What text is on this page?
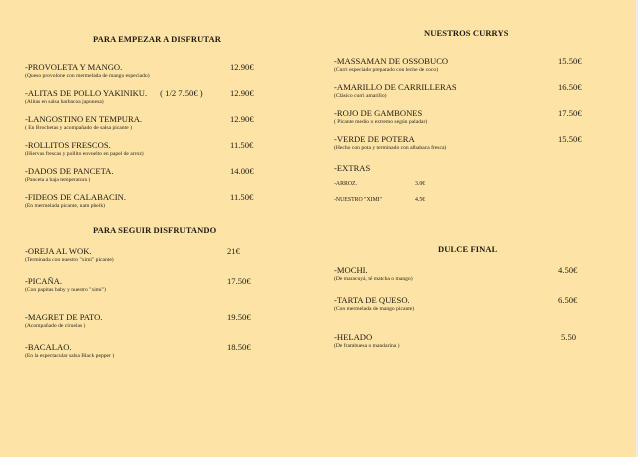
PARA EMPEZAR A DISFRUTAR
-PROVOLETA Y MANGO.
(Queso provolone con mermelada de mango especiado)
12.90€
-ALITAS DE POLLO YAKINIKU. ( 1/2 7.50€ )
(Alitas en salsa barbacoa japonesa)
12.90€
-LANGOSTINO EN TEMPURA.
( En Brochetas y acompañado de salsa picante )
12.90€
-ROLLITOS FRESCOS.
(Hiervas frescas y pollito envuelto en papel de arroz)
11.50€
-DADOS DE PANCETA.
(Panceta a baja temperatura )
14.00€
-FIDEOS DE CALABACIN.
(En mermelada picante, nam pheik)
11.50€
PARA SEGUIR DISFRUTANDO
-OREJA AL WOK.
(Terminada con nuestro "ximi" picante)
21€
-PICAÑA.
(Con papitas baby y nuestro "ximi")
17.50€
-MAGRET DE PATO.
(Acompañado de ciruelas )
19.50€
-BACALAO.
(En la espectacular salsa Black pepper )
18.50€
NUESTROS CURRYS
-MASSAMAN DE OSSOBUCO
(Curri especiado preparado con leche de coco)
15.50€
-AMARILLO DE CARRILLERAS
(Clásico curri amarillo)
16.50€
-ROJO DE GAMBONES
( Picante medio o extremo según paladar)
17.50€
-VERDE DE POTERA
(Hecho con pota y terminado con albahaca fresca)
15.50€
-EXTRAS
-ARROZ.	3.0€
-NUESTRO "XIMI"	4.5€
DULCE FINAL
-MOCHI.
(De maracuyá, té matcha o mango)
4.50€
-TARTA DE QUESO.
(Con mermelada de mango picante)
6.50€
-HELADO
(De frambuesa o mandarina )
5.50
